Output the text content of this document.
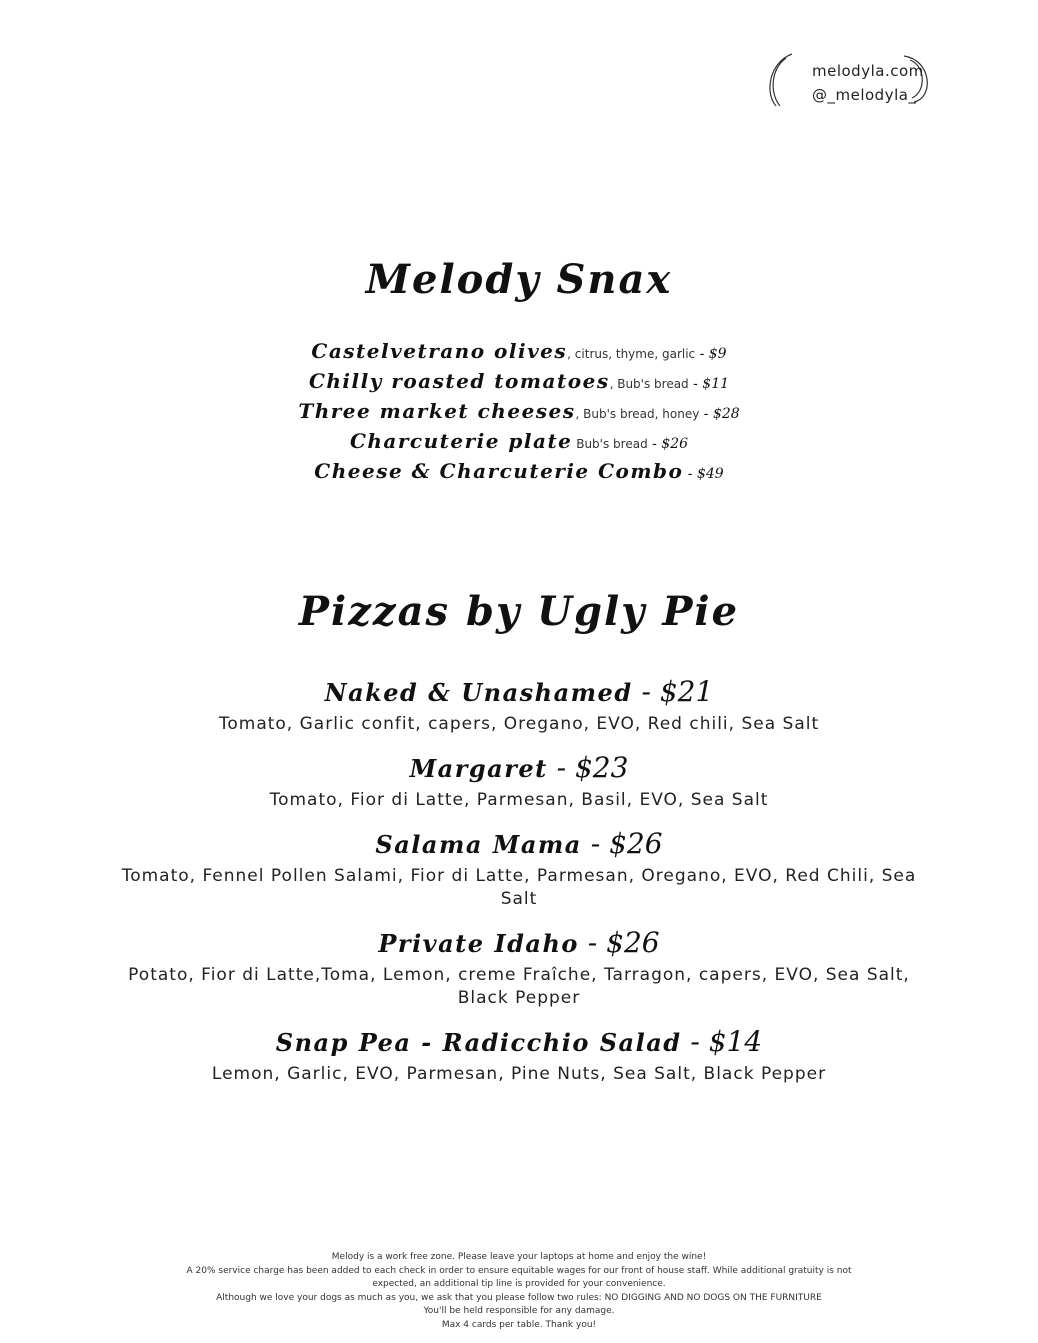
melodyla.com
@_melodyla_
Melody Snax
Castelvetrano olives, citrus, thyme, garlic - $9
Chilly roasted tomatoes, Bub's bread - $11
Three market cheeses, Bub's bread, honey - $28
Charcuterie plate Bub's bread - $26
Cheese & Charcuterie Combo - $49
Pizzas by Ugly Pie
Naked & Unashamed - $21
Tomato, Garlic confit, capers, Oregano, EVO, Red chili, Sea Salt
Margaret - $23
Tomato, Fior di Latte, Parmesan, Basil, EVO, Sea Salt
Salama Mama - $26
Tomato, Fennel Pollen Salami, Fior di Latte, Parmesan, Oregano, EVO, Red Chili, Sea Salt
Private Idaho - $26
Potato, Fior di Latte,Toma, Lemon, creme Fraîche, Tarragon, capers, EVO, Sea Salt, Black Pepper
Snap Pea - Radicchio Salad - $14
Lemon, Garlic, EVO, Parmesan, Pine Nuts, Sea Salt, Black Pepper
Melody is a work free zone. Please leave your laptops at home and enjoy the wine!
A 20% service charge has been added to each check in order to ensure equitable wages for our front of house staff. While additional gratuity is not expected, an additional tip line is provided for your convenience.
Although we love your dogs as much as you, we ask that you please follow two rules: NO DIGGING AND NO DOGS ON THE FURNITURE
You'll be held responsible for any damage.
Max 4 cards per table. Thank you!
